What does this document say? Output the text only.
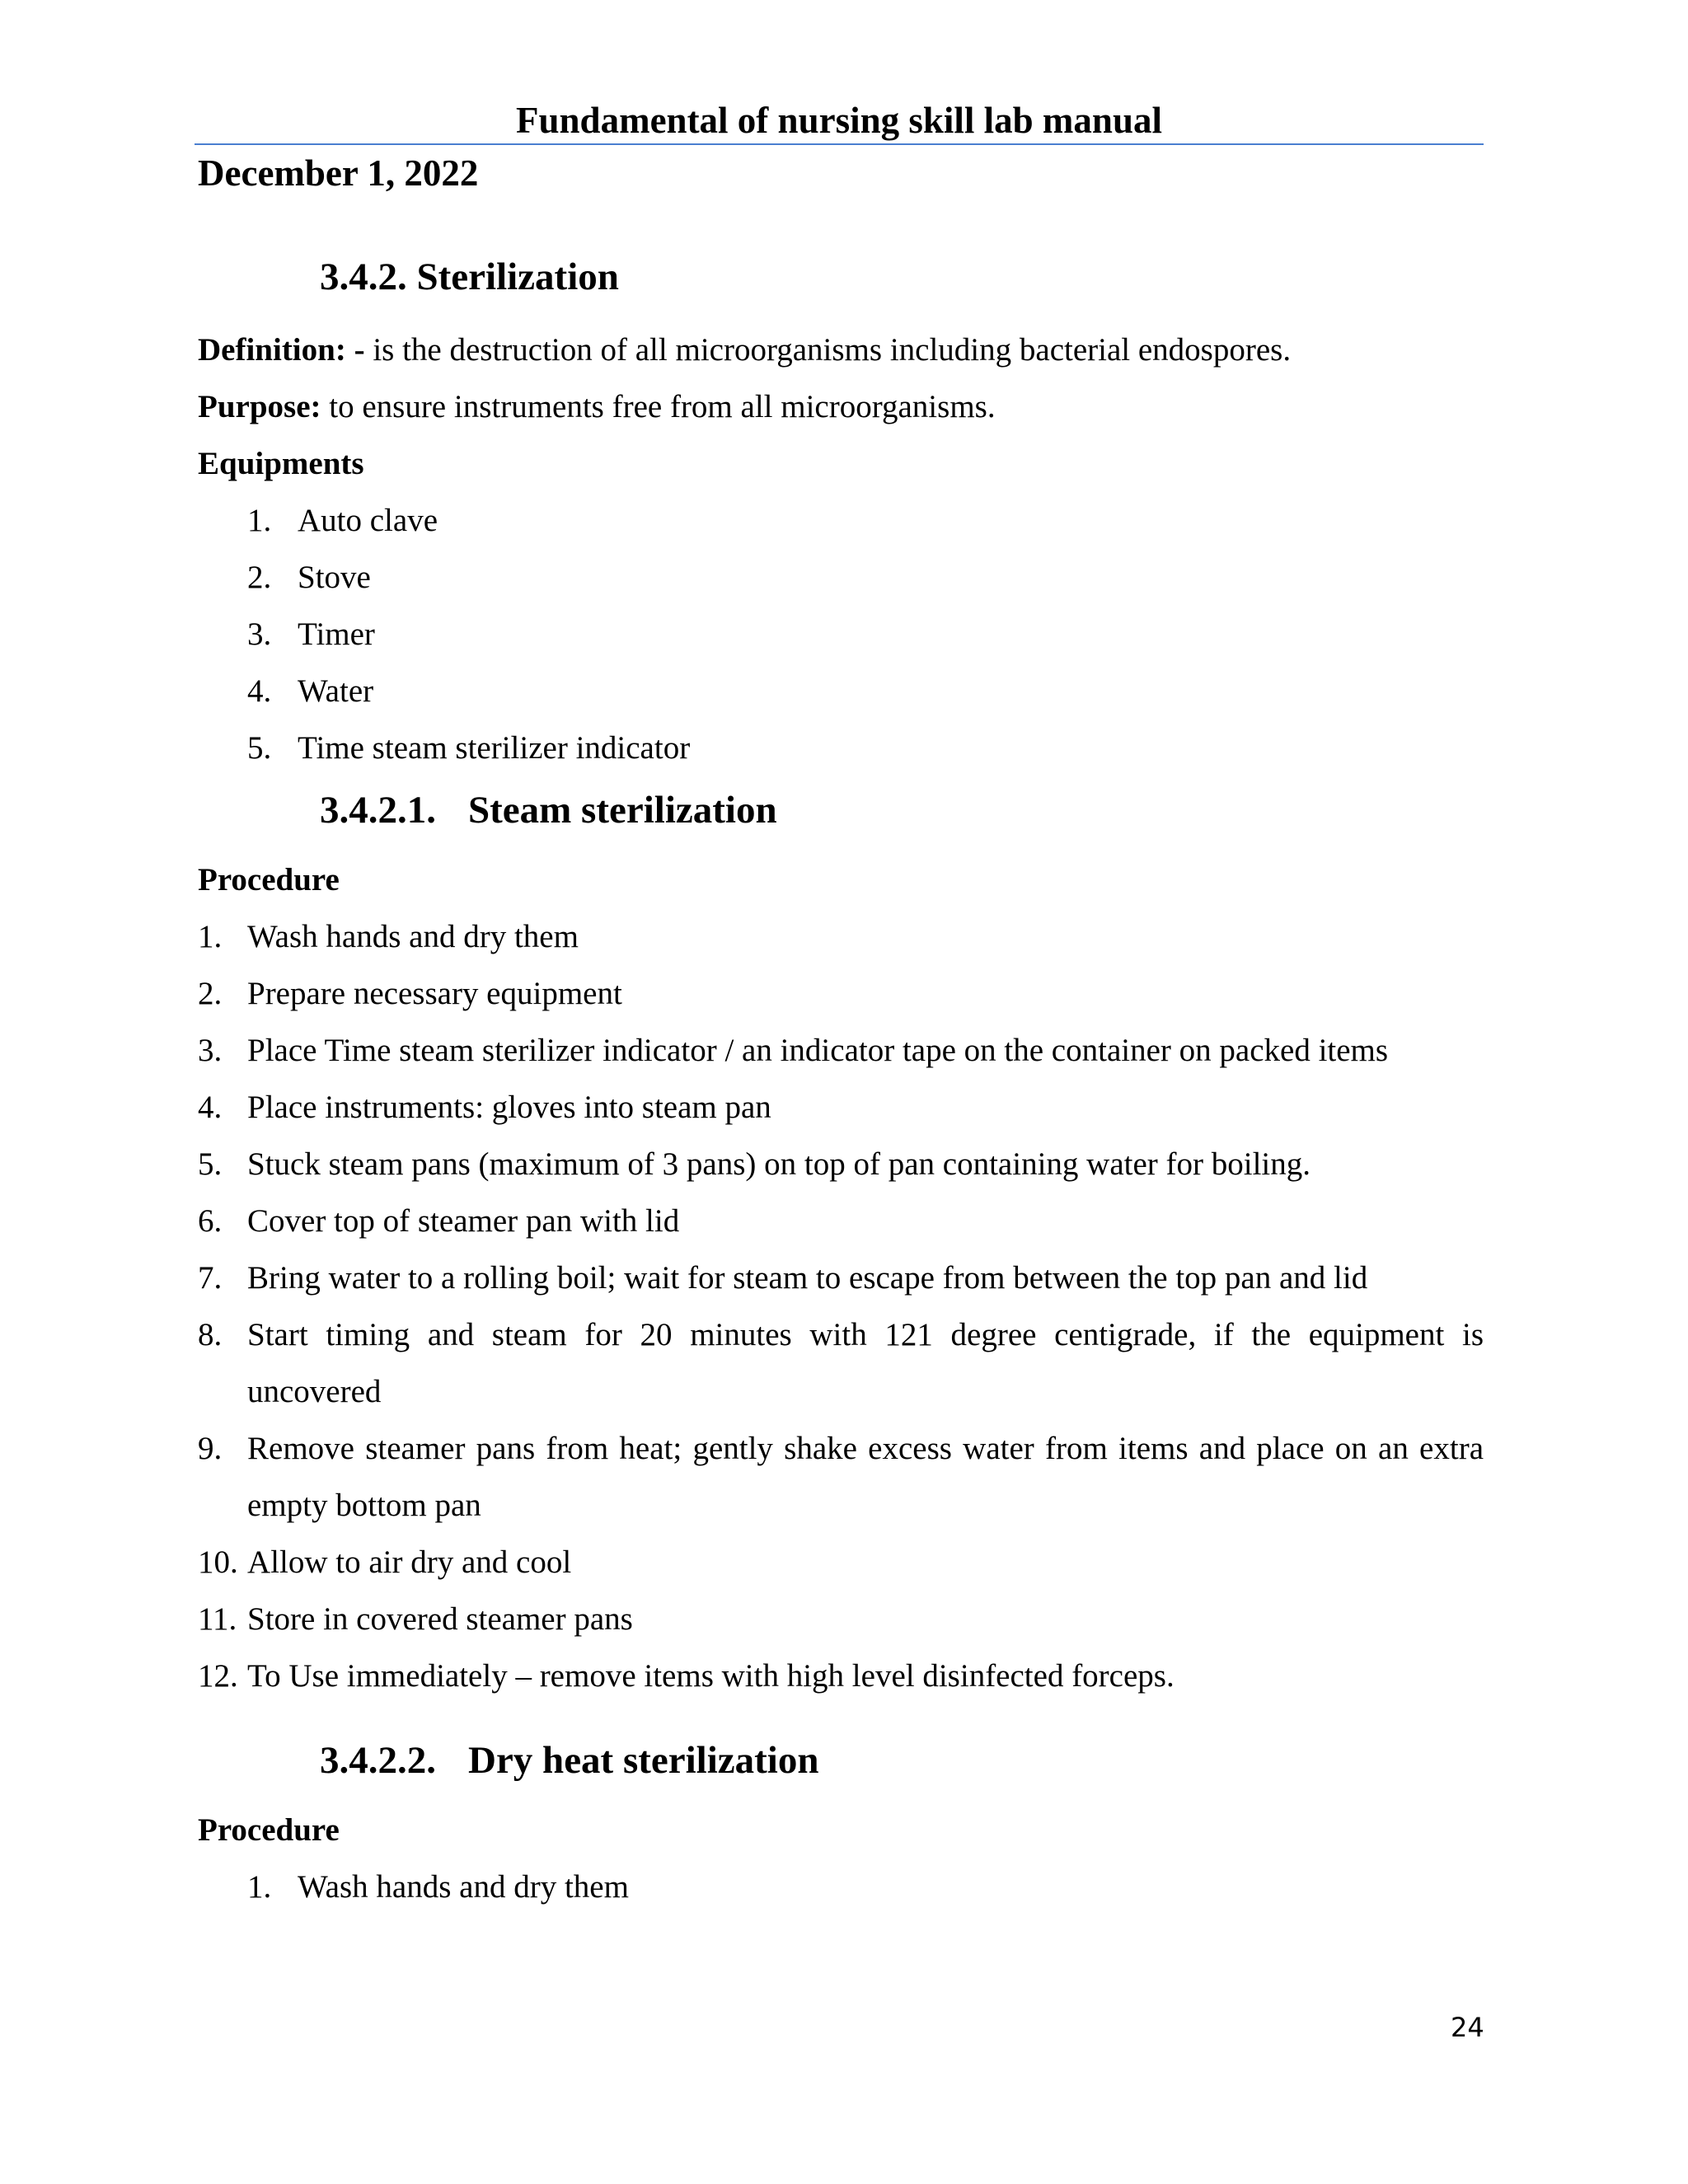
Fundamental of nursing skill lab manual
December 1, 2022
3.4.2. Sterilization
Definition: - is the destruction of all microorganisms including bacterial endospores.
Purpose: to ensure instruments free from all microorganisms.
Equipments
1. Auto clave
2. Stove
3. Timer
4. Water
5. Time steam sterilizer indicator
3.4.2.1. Steam sterilization
Procedure
1. Wash hands and dry them
2. Prepare necessary equipment
3. Place Time steam sterilizer indicator / an indicator tape on the container on packed items
4. Place instruments: gloves into steam pan
5. Stuck steam pans (maximum of 3 pans) on top of pan containing water for boiling.
6. Cover top of steamer pan with lid
7. Bring water to a rolling boil; wait for steam to escape from between the top pan and lid
8. Start timing and steam for 20 minutes with 121 degree centigrade, if the equipment is uncovered
9. Remove steamer pans from heat; gently shake excess water from items and place on an extra empty bottom pan
10. Allow to air dry and cool
11. Store in covered steamer pans
12. To Use immediately – remove items with high level disinfected forceps.
3.4.2.2. Dry heat sterilization
Procedure
1. Wash hands and dry them
24
